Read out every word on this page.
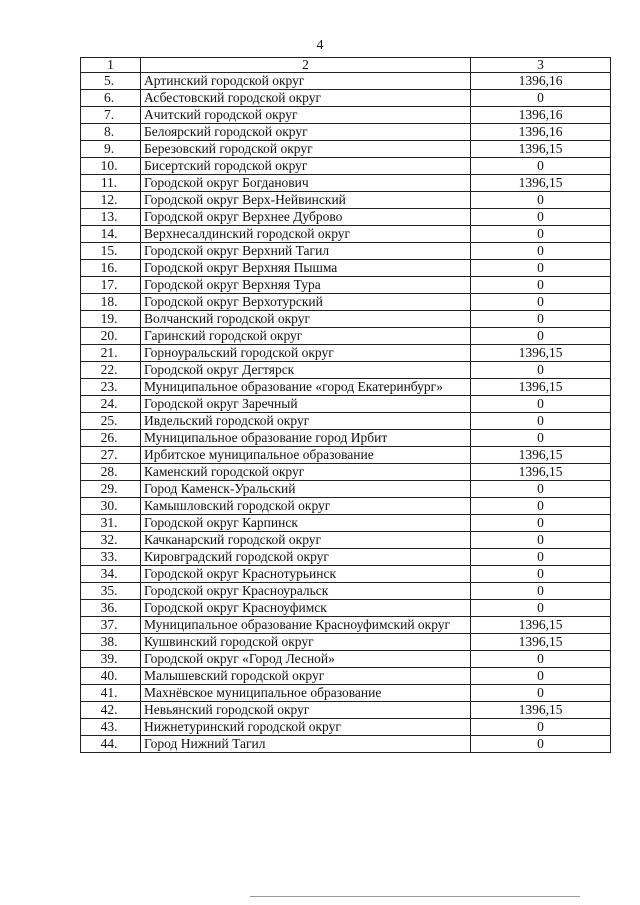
4
1	2	3
5.	Артинский городской округ	1396,16
6.	Асбестовский городской округ	0
7.	Ачитский городской округ	1396,16
8.	Белоярский городской округ	1396,16
9.	Березовский городской округ	1396,15
10.	Бисертский городской округ	0
11.	Городской округ Богданович	1396,15
12.	Городской округ Верх-Нейвинский	0
13.	Городской округ Верхнее Дуброво	0
14.	Верхнесалдинский городской округ	0
15.	Городской округ Верхний Тагил	0
16.	Городской округ Верхняя Пышма	0
17.	Городской округ Верхняя Тура	0
18.	Городской округ Верхотурский	0
19.	Волчанский городской округ	0
20.	Гаринский городской округ	0
21.	Горноуральский городской округ	1396,15
22.	Городской округ Дегтярск	0
23.	Муниципальное образование «город Екатеринбург»	1396,15
24.	Городской округ Заречный	0
25.	Ивдельский городской округ	0
26.	Муниципальное образование город Ирбит	0
27.	Ирбитское муниципальное образование	1396,15
28.	Каменский городской округ	1396,15
29.	Город Каменск-Уральский	0
30.	Камышловский городской округ	0
31.	Городской округ Карпинск	0
32.	Качканарский городской округ	0
33.	Кировградский городской округ	0
34.	Городской округ Краснотурьинск	0
35.	Городской округ Красноуральск	0
36.	Городской округ Красноуфимск	0
37.	Муниципальное образование Красноуфимский округ	1396,15
38.	Кушвинский городской округ	1396,15
39.	Городской округ «Город Лесной»	0
40.	Малышевский городской округ	0
41.	Махнёвское муниципальное образование	0
42.	Невьянский городской округ	1396,15
43.	Нижнетуринский городской округ	0
44.	Город Нижний Тагил	0
